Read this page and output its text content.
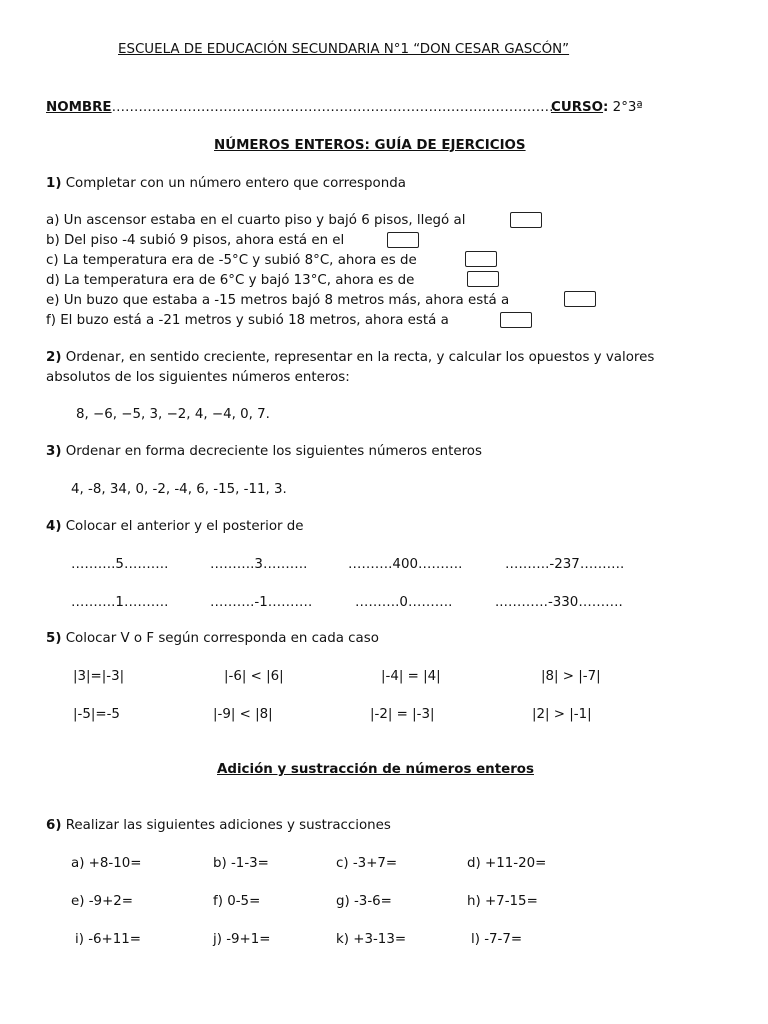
ESCUELA DE EDUCACIÓN SECUNDARIA N°1 “DON CESAR GASCÓN”
NOMBRE……………………………………………………………………………………….
CURSO: 2°3ª
NÚMEROS ENTEROS: GUÍA DE EJERCICIOS
1) Completar con un número entero que corresponda
a) Un ascensor estaba en el cuarto piso y bajó 6 pisos, llegó al
b) Del piso -4 subió 9 pisos, ahora está en el
c) La temperatura era de -5°C y subió 8°C, ahora es de
d) La temperatura era de 6°C y bajó 13°C, ahora es de
e) Un buzo que estaba a -15 metros bajó 8 metros más, ahora está a
f) El buzo está a -21 metros y subió 18 metros, ahora está a
2) Ordenar, en sentido creciente, representar en la recta, y calcular los opuestos y valores
absolutos de los siguientes números enteros:
8, −6, −5, 3, −2, 4, −4, 0, 7.
3) Ordenar en forma decreciente los siguientes números enteros
4, -8, 34, 0, -2, -4, 6, -15, -11, 3.
4) Colocar el anterior y el posterior de
……….5……….	……….3……….	……….400……….	……….-237……….
……….1……….	……….-1……….	……….0……….	..……….-330……….
5) Colocar V o F según corresponda en cada caso
|3|=|-3|	|-6| < |6|	|-4| = |4|	|8| > |-7|
|-5|=-5	|-9| < |8|	|-2| = |-3|	|2| > |-1|
Adición y sustracción de números enteros
6) Realizar las siguientes adiciones y sustracciones
a) +8-10=	b) -1-3=	c) -3+7=	d) +11-20=
e) -9+2=	f) 0-5=	g) -3-6=	h) +7-15=
i) -6+11=	j) -9+1=	k) +3-13=	l) -7-7=
